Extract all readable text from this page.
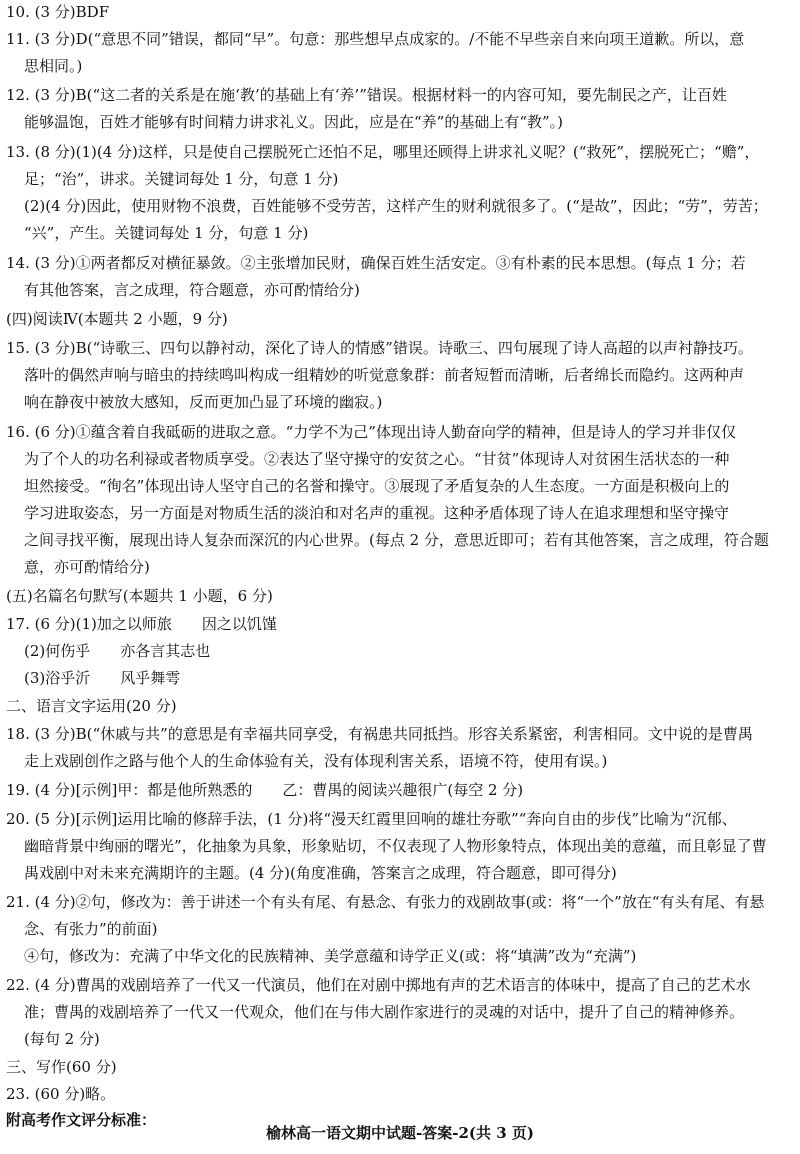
10. (3 分)BDF
11. (3 分)D(“意思不同”错误，都同“早”。句意：那些想早点成家的。/不能不早些亲自来向项王道歉。所以，意
思相同。)
12. (3 分)B(“这二者的关系是在施‘教’的基础上有‘养’”错误。根据材料一的内容可知，要先制民之产，让百姓
能够温饱，百姓才能够有时间精力讲求礼义。因此，应是在“养”的基础上有“教”。)
13. (8 分)(1)(4 分)这样，只是使自己摆脱死亡还怕不足，哪里还顾得上讲求礼义呢？(“救死”，摆脱死亡；“赡”，
足；“治”，讲求。关键词每处 1 分，句意 1 分)
(2)(4 分)因此，使用财物不浪费，百姓能够不受劳苦，这样产生的财利就很多了。(“是故”，因此；“劳”，劳苦；
“兴”，产生。关键词每处 1 分，句意 1 分)
14. (3 分)①两者都反对横征暴敛。②主张增加民财，确保百姓生活安定。③有朴素的民本思想。(每点 1 分；若
有其他答案，言之成理，符合题意，亦可酌情给分)
(四)阅读Ⅳ(本题共 2 小题，9 分)
15. (3 分)B(“诗歌三、四句以静衬动，深化了诗人的情感”错误。诗歌三、四句展现了诗人高超的以声衬静技巧。
落叶的偶然声响与暗虫的持续鸣叫构成一组精妙的听觉意象群：前者短暂而清晰，后者绵长而隐约。这两种声
响在静夜中被放大感知，反而更加凸显了环境的幽寂。)
16. (6 分)①蕴含着自我砥砺的进取之意。“力学不为己”体现出诗人勤奋向学的精神，但是诗人的学习并非仅仅
为了个人的功名利禄或者物质享受。②表达了坚守操守的安贫之心。“甘贫”体现诗人对贫困生活状态的一种
坦然接受。“徇名”体现出诗人坚守自己的名誉和操守。③展现了矛盾复杂的人生态度。一方面是积极向上的
学习进取姿态，另一方面是对物质生活的淡泊和对名声的重视。这种矛盾体现了诗人在追求理想和坚守操守
之间寻找平衡，展现出诗人复杂而深沉的内心世界。(每点 2 分，意思近即可；若有其他答案，言之成理，符合题
意，亦可酌情给分)
(五)名篇名句默写(本题共 1 小题，6 分)
17. (6 分)(1)加之以师旅　　因之以饥馑
(2)何伤乎　　亦各言其志也
(3)浴乎沂　　风乎舞雩
二、语言文字运用(20 分)
18. (3 分)B(“休戚与共”的意思是有幸福共同享受，有祸患共同抵挡。形容关系紧密，利害相同。文中说的是曹禺
走上戏剧创作之路与他个人的生命体验有关，没有体现利害关系，语境不符，使用有误。)
19. (4 分)[示例]甲：都是他所熟悉的　　乙：曹禺的阅读兴趣很广(每空 2 分)
20. (5 分)[示例]运用比喻的修辞手法，(1 分)将“漫天红霞里回响的雄壮夯歌”“奔向自由的步伐”比喻为“沉郁、
幽暗背景中绚丽的曙光”，化抽象为具象，形象贴切，不仅表现了人物形象特点，体现出美的意蕴，而且彰显了曹
禺戏剧中对未来充满期许的主题。(4 分)(角度准确，答案言之成理，符合题意，即可得分)
21. (4 分)②句，修改为：善于讲述一个有头有尾、有悬念、有张力的戏剧故事(或：将“一个”放在“有头有尾、有悬
念、有张力”的前面)
④句，修改为：充满了中华文化的民族精神、美学意蕴和诗学正义(或：将“填满”改为“充满”)
22. (4 分)曹禺的戏剧培养了一代又一代演员，他们在对剧中掷地有声的艺术语言的体味中，提高了自己的艺术水
准；曹禺的戏剧培养了一代又一代观众，他们在与伟大剧作家进行的灵魂的对话中，提升了自己的精神修养。
(每句 2 分)
三、写作(60 分)
23. (60 分)略。
附高考作文评分标准：
榆林高一语文期中试题-答案-2(共 3 页)
